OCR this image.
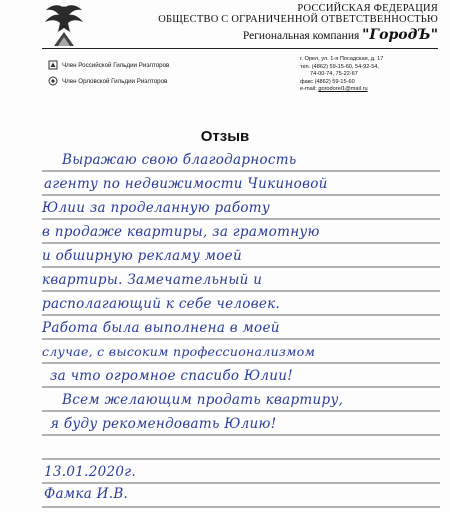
РОССИЙСКАЯ ФЕДЕРАЦИЯ
ОБЩЕСТВО С ОГРАНИЧЕННОЙ ОТВЕТСТВЕННОСТЬЮ
Региональная компания "ГородЪ"
Член Российской Гильдии Риэлторов
Член Орловской Гильдии Риэлторов
г. Орел, ул. 1-я Посадская, д. 17
тел. (4862) 59-15-60, 54-92-54,
74-00-74, 75-22-67
факс (4862) 59-15-60
e-mail: gorodorel1@mail.ru
Отзыв
Выражаю свою благодарность
агенту по недвижимости Чикиновой
Юлии за проделанную работу
в продаже квартиры, за грамотную
и обширную рекламу моей
квартиры. Замечательный и
располагающий к себе человек.
Работа была выполнена в моей
случае, с высоким профессионализмом
за что огромное спасибо Юлии!
Всем желающим продать квартиру,
я буду рекомендовать Юлию!
13.01.2020г.
Фамка И.В.
